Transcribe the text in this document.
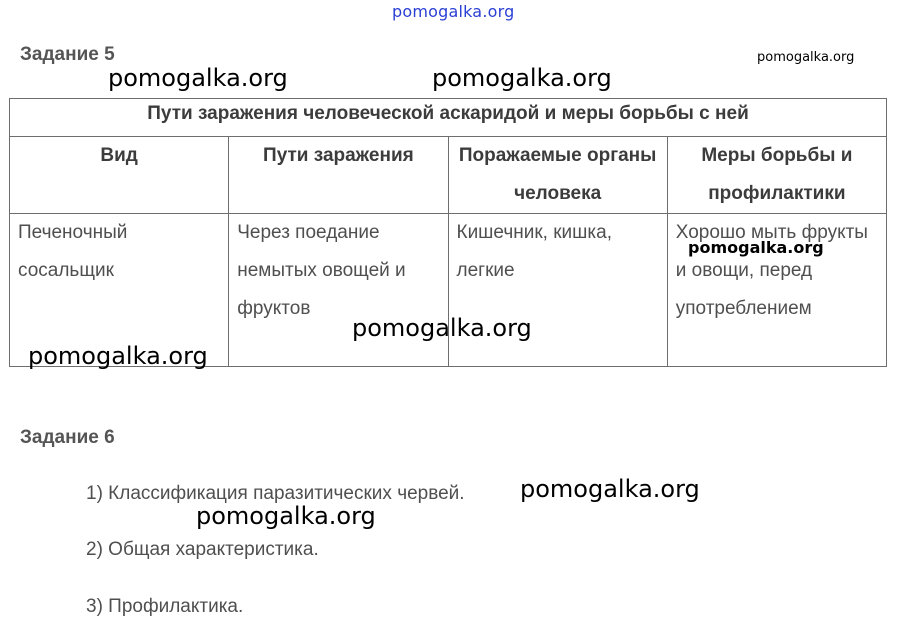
pomogalka.org
Задание 5	pomogalka.org
pomogalka.org	pomogalka.org
Пути заражения человеческой аскаридой и меры борьбы с ней			
Вид	Пути заражения	Поражаемые органы человека	Меры борьбы и профилактики
Печеночный сосальщик	Через поедание немытых овощей и фруктов	Кишечник, кишка, легкие	Хорошо мыть фрукты и овощи, перед употреблением
pomogalka.org
pomogalka.org
pomogalka.org
Задание 6
1) Классификация паразитических червей.
2) Общая характеристика.
3) Профилактика.
pomogalka.org
pomogalka.org
